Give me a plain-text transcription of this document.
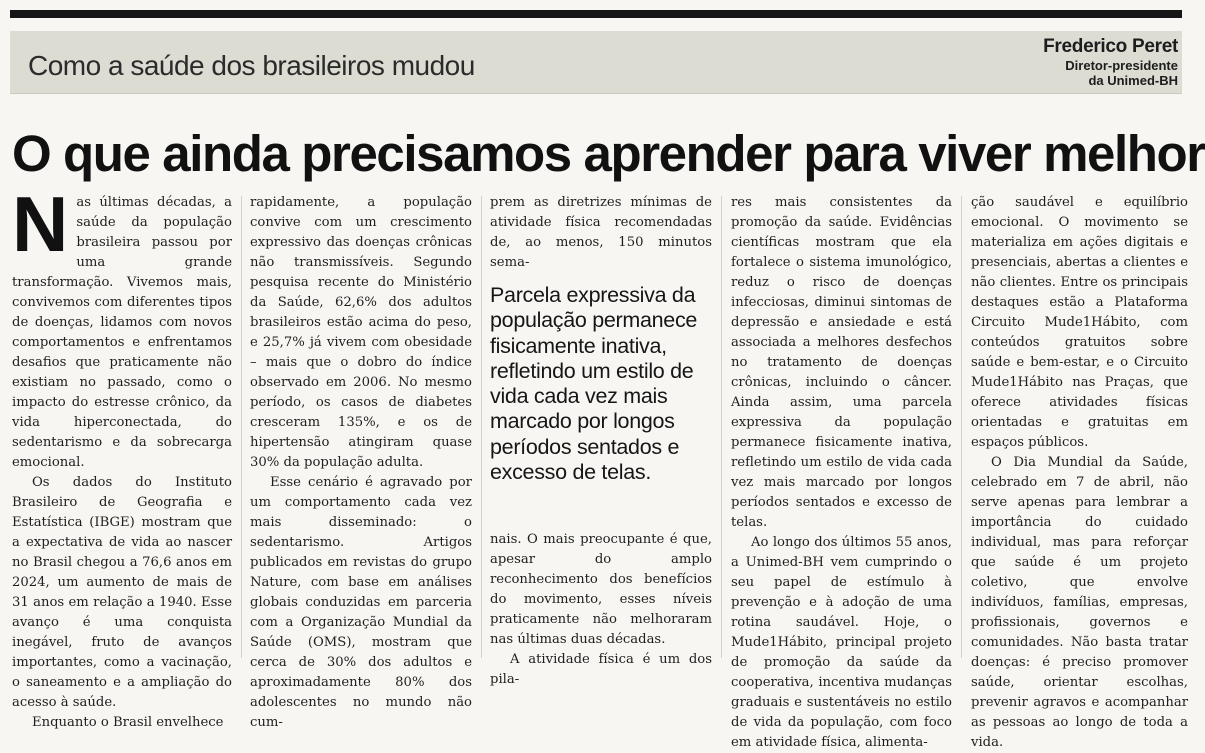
Como a saúde dos brasileiros mudou
Frederico Peret
Diretor-presidente
da Unimed-BH
O que ainda precisamos aprender para viver melhor
N as últimas décadas, a saúde da população brasileira passou por uma grande transformação. Vivemos mais, convivemos com diferentes tipos de doenças, lidamos com novos comportamentos e enfrentamos desafios que praticamente não existiam no passado, como o impacto do estresse crônico, da vida hiperconectada, do sedentarismo e da sobrecarga emocional.

Os dados do Instituto Brasileiro de Geografia e Estatística (IBGE) mostram que a expectativa de vida ao nascer no Brasil chegou a 76,6 anos em 2024, um aumento de mais de 31 anos em relação a 1940. Esse avanço é uma conquista inegável, fruto de avanços importantes, como a vacinação, o saneamento e a ampliação do acesso à saúde.

Enquanto o Brasil envelhece

rapidamente, a população convive com um crescimento expressivo das doenças crônicas não transmissíveis. Segundo pesquisa recente do Ministério da Saúde, 62,6% dos adultos brasileiros estão acima do peso, e 25,7% já vivem com obesidade – mais que o dobro do índice observado em 2006. No mesmo período, os casos de diabetes cresceram 135%, e os de hipertensão atingiram quase 30% da população adulta.

Esse cenário é agravado por um comportamento cada vez mais disseminado: o sedentarismo. Artigos publicados em revistas do grupo Nature, com base em análises globais conduzidas em parceria com a Organização Mundial da Saúde (OMS), mostram que cerca de 30% dos adultos e aproximadamente 80% dos adolescentes no mundo não cum-

prem as diretrizes mínimas de atividade física recomendadas de, ao menos, 150 minutos sema-

Parcela expressiva da população permanece fisicamente inativa, refletindo um estilo de vida cada vez mais marcado por longos períodos sentados e excesso de telas.

nais. O mais preocupante é que, apesar do amplo reconhecimento dos benefícios do movimento, esses níveis praticamente não melhoraram nas últimas duas décadas.

A atividade física é um dos pila-

res mais consistentes da promoção da saúde. Evidências científicas mostram que ela fortalece o sistema imunológico, reduz o risco de doenças infecciosas, diminui sintomas de depressão e ansiedade e está associada a melhores desfechos no tratamento de doenças crônicas, incluindo o câncer. Ainda assim, uma parcela expressiva da população permanece fisicamente inativa, refletindo um estilo de vida cada vez mais marcado por longos períodos sentados e excesso de telas.

Ao longo dos últimos 55 anos, a Unimed-BH vem cumprindo o seu papel de estímulo à prevenção e à adoção de uma rotina saudável. Hoje, o Mude1Hábito, principal projeto de promoção da saúde da cooperativa, incentiva mudanças graduais e sustentáveis no estilo de vida da população, com foco em atividade física, alimenta-

ção saudável e equilíbrio emocional. O movimento se materializa em ações digitais e presenciais, abertas a clientes e não clientes. Entre os principais destaques estão a Plataforma Circuito Mude1Hábito, com conteúdos gratuitos sobre saúde e bem-estar, e o Circuito Mude1Hábito nas Praças, que oferece atividades físicas orientadas e gratuitas em espaços públicos.

O Dia Mundial da Saúde, celebrado em 7 de abril, não serve apenas para lembrar a importância do cuidado individual, mas para reforçar que saúde é um projeto coletivo, que envolve indivíduos, famílias, empresas, profissionais, governos e comunidades. Não basta tratar doenças: é preciso promover saúde, orientar escolhas, prevenir agravos e acompanhar as pessoas ao longo de toda a vida.
